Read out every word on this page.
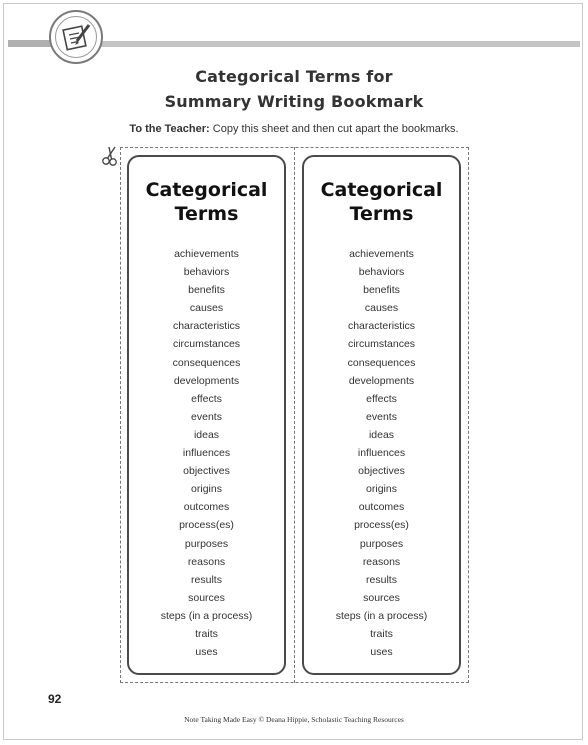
Categorical Terms for
Summary Writing Bookmark
To the Teacher: Copy this sheet and then cut apart the bookmarks.
Categorical
Terms
achievements
behaviors
benefits
causes
characteristics
circumstances
consequences
developments
effects
events
ideas
influences
objectives
origins
outcomes
process(es)
purposes
reasons
results
sources
steps (in a process)
traits
uses
Categorical
Terms
achievements
behaviors
benefits
causes
characteristics
circumstances
consequences
developments
effects
events
ideas
influences
objectives
origins
outcomes
process(es)
purposes
reasons
results
sources
steps (in a process)
traits
uses
92
Note Taking Made Easy © Deana Hippie, Scholastic Teaching Resources
